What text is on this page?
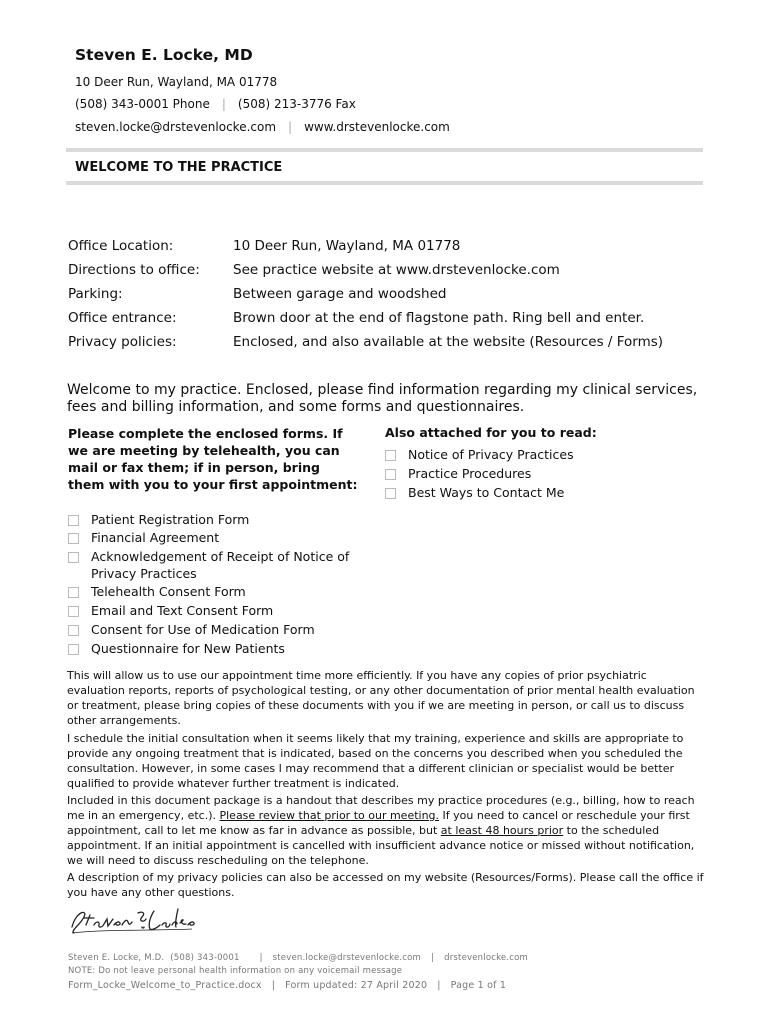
Steven E. Locke, MD
10 Deer Run, Wayland, MA 01778
(508) 343-0001 Phone | (508) 213-3776 Fax
steven.locke@drstevenlocke.com | www.drstevenlocke.com
WELCOME TO THE PRACTICE
Office Location:	10 Deer Run, Wayland, MA 01778
Directions to office: See practice website at www.drstevenlocke.com
Parking:	Between garage and woodshed
Office entrance:	Brown door at the end of flagstone path. Ring bell and enter.
Privacy policies:	Enclosed, and also available at the website (Resources / Forms)
Welcome to my practice. Enclosed, please find information regarding my clinical services, fees and billing information, and some forms and questionnaires.
Please complete the enclosed forms. If we are meeting by telehealth, you can mail or fax them; if in person, bring them with you to your first appointment:
Patient Registration Form
Financial Agreement
Acknowledgement of Receipt of Notice of Privacy Practices
Telehealth Consent Form
Email and Text Consent Form
Consent for Use of Medication Form
Questionnaire for New Patients
Also attached for you to read:
Notice of Privacy Practices
Practice Procedures
Best Ways to Contact Me
This will allow us to use our appointment time more efficiently. If you have any copies of prior psychiatric evaluation reports, reports of psychological testing, or any other documentation of prior mental health evaluation or treatment, please bring copies of these documents with you if we are meeting in person, or call us to discuss other arrangements.
I schedule the initial consultation when it seems likely that my training, experience and skills are appropriate to provide any ongoing treatment that is indicated, based on the concerns you described when you scheduled the consultation. However, in some cases I may recommend that a different clinician or specialist would be better qualified to provide whatever further treatment is indicated.
Included in this document package is a handout that describes my practice procedures (e.g., billing, how to reach me in an emergency, etc.). Please review that prior to our meeting. If you need to cancel or reschedule your first appointment, call to let me know as far in advance as possible, but at least 48 hours prior to the scheduled appointment. If an initial appointment is cancelled with insufficient advance notice or missed without notification, we will need to discuss rescheduling on the telephone.
A description of my privacy policies can also be accessed on my website (Resources/Forms). Please call the office if you have any other questions.
Steven E. Locke, M.D. (508) 343-0001 | steven.locke@drstevenlocke.com | drstevenlocke.com
NOTE: Do not leave personal health information on any voicemail message
Form_Locke_Welcome_to_Practice.docx | Form updated: 27 April 2020 | Page 1 of 1
